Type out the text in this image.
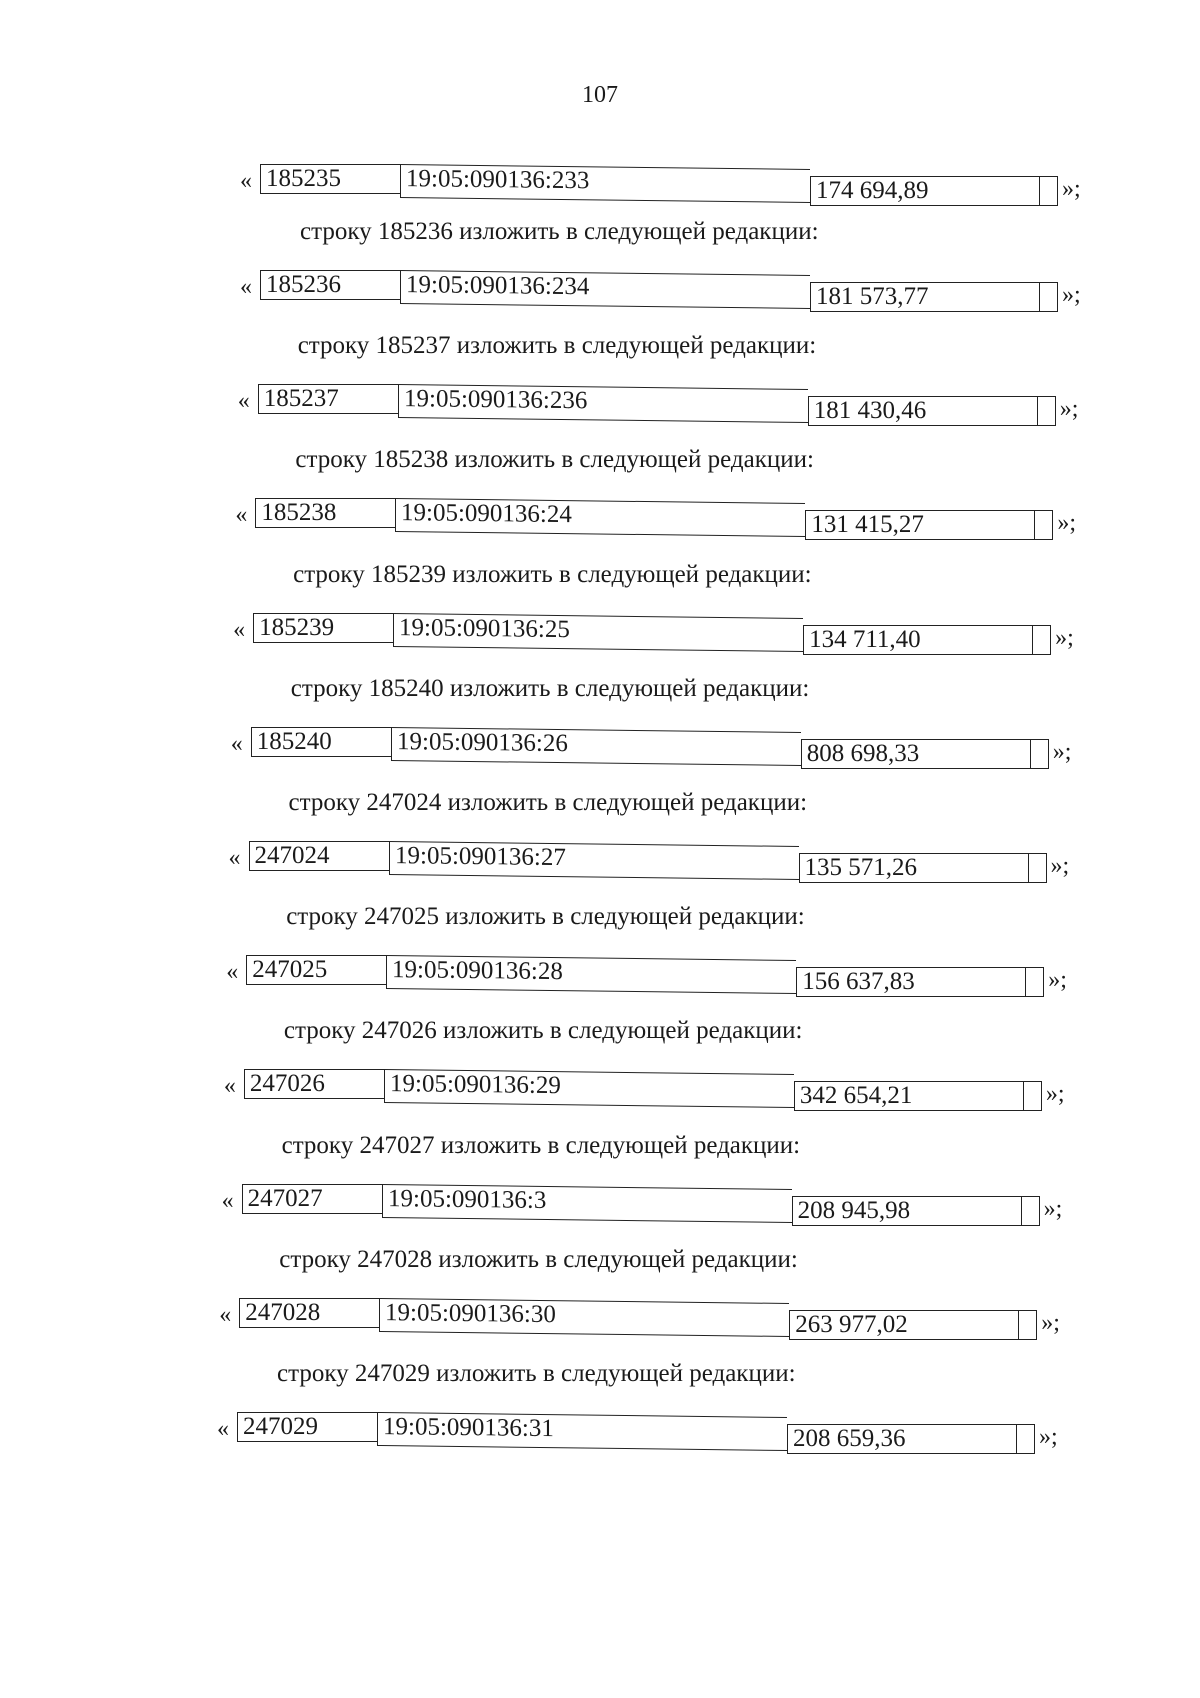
107
« 185235	19:05:090136:233	174 694,89	»;
строку 185236 изложить в следующей редакции:
« 185236	19:05:090136:234	181 573,77	»;
строку 185237 изложить в следующей редакции:
« 185237	19:05:090136:236	181 430,46	»;
строку 185238 изложить в следующей редакции:
« 185238	19:05:090136:24	131 415,27	»;
строку 185239 изложить в следующей редакции:
« 185239	19:05:090136:25	134 711,40	»;
строку 185240 изложить в следующей редакции:
« 185240	19:05:090136:26	808 698,33	»;
строку 247024 изложить в следующей редакции:
« 247024	19:05:090136:27	135 571,26	»;
строку 247025 изложить в следующей редакции:
« 247025	19:05:090136:28	156 637,83	»;
строку 247026 изложить в следующей редакции:
« 247026	19:05:090136:29	342 654,21	»;
строку 247027 изложить в следующей редакции:
« 247027	19:05:090136:3	208 945,98	»;
строку 247028 изложить в следующей редакции:
« 247028	19:05:090136:30	263 977,02	»;
строку 247029 изложить в следующей редакции:
« 247029	19:05:090136:31	208 659,36	»;
